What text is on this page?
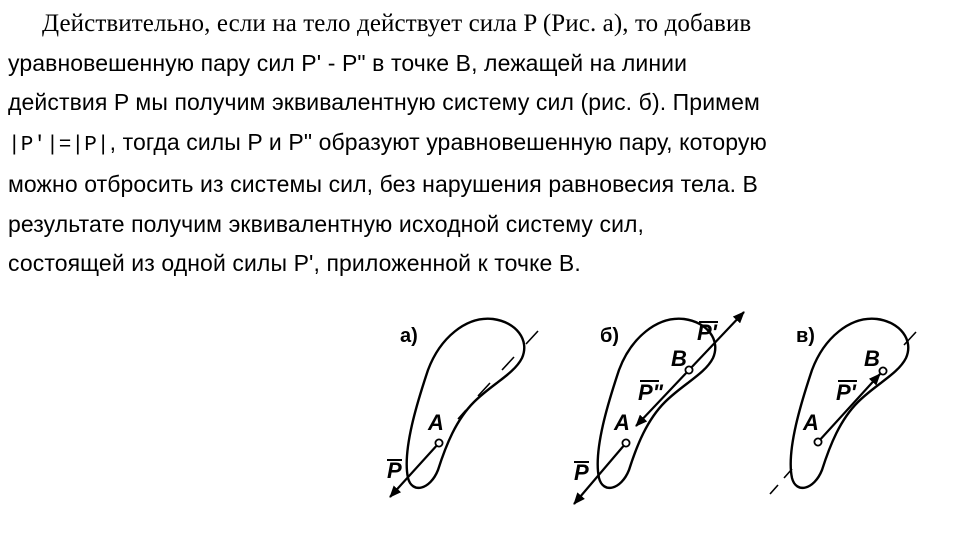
Действительно, если на тело действует сила P (Рис. а), то добавив
уравновешенную пару сил P' - P" в точке B, лежащей на линии
действия P мы получим эквивалентную систему сил (рис. б). Примем
|P'|=|P|, тогда силы P и P" образуют уравновешенную пару, которую
можно отбросить из системы сил, без нарушения равновесия тела. В
результате получим эквивалентную исходной систему сил,
состоящей из одной силы P', приложенной к точке B.
а)
A
P
б)
B
A
P'
P"
P
в)
B
A
P'
